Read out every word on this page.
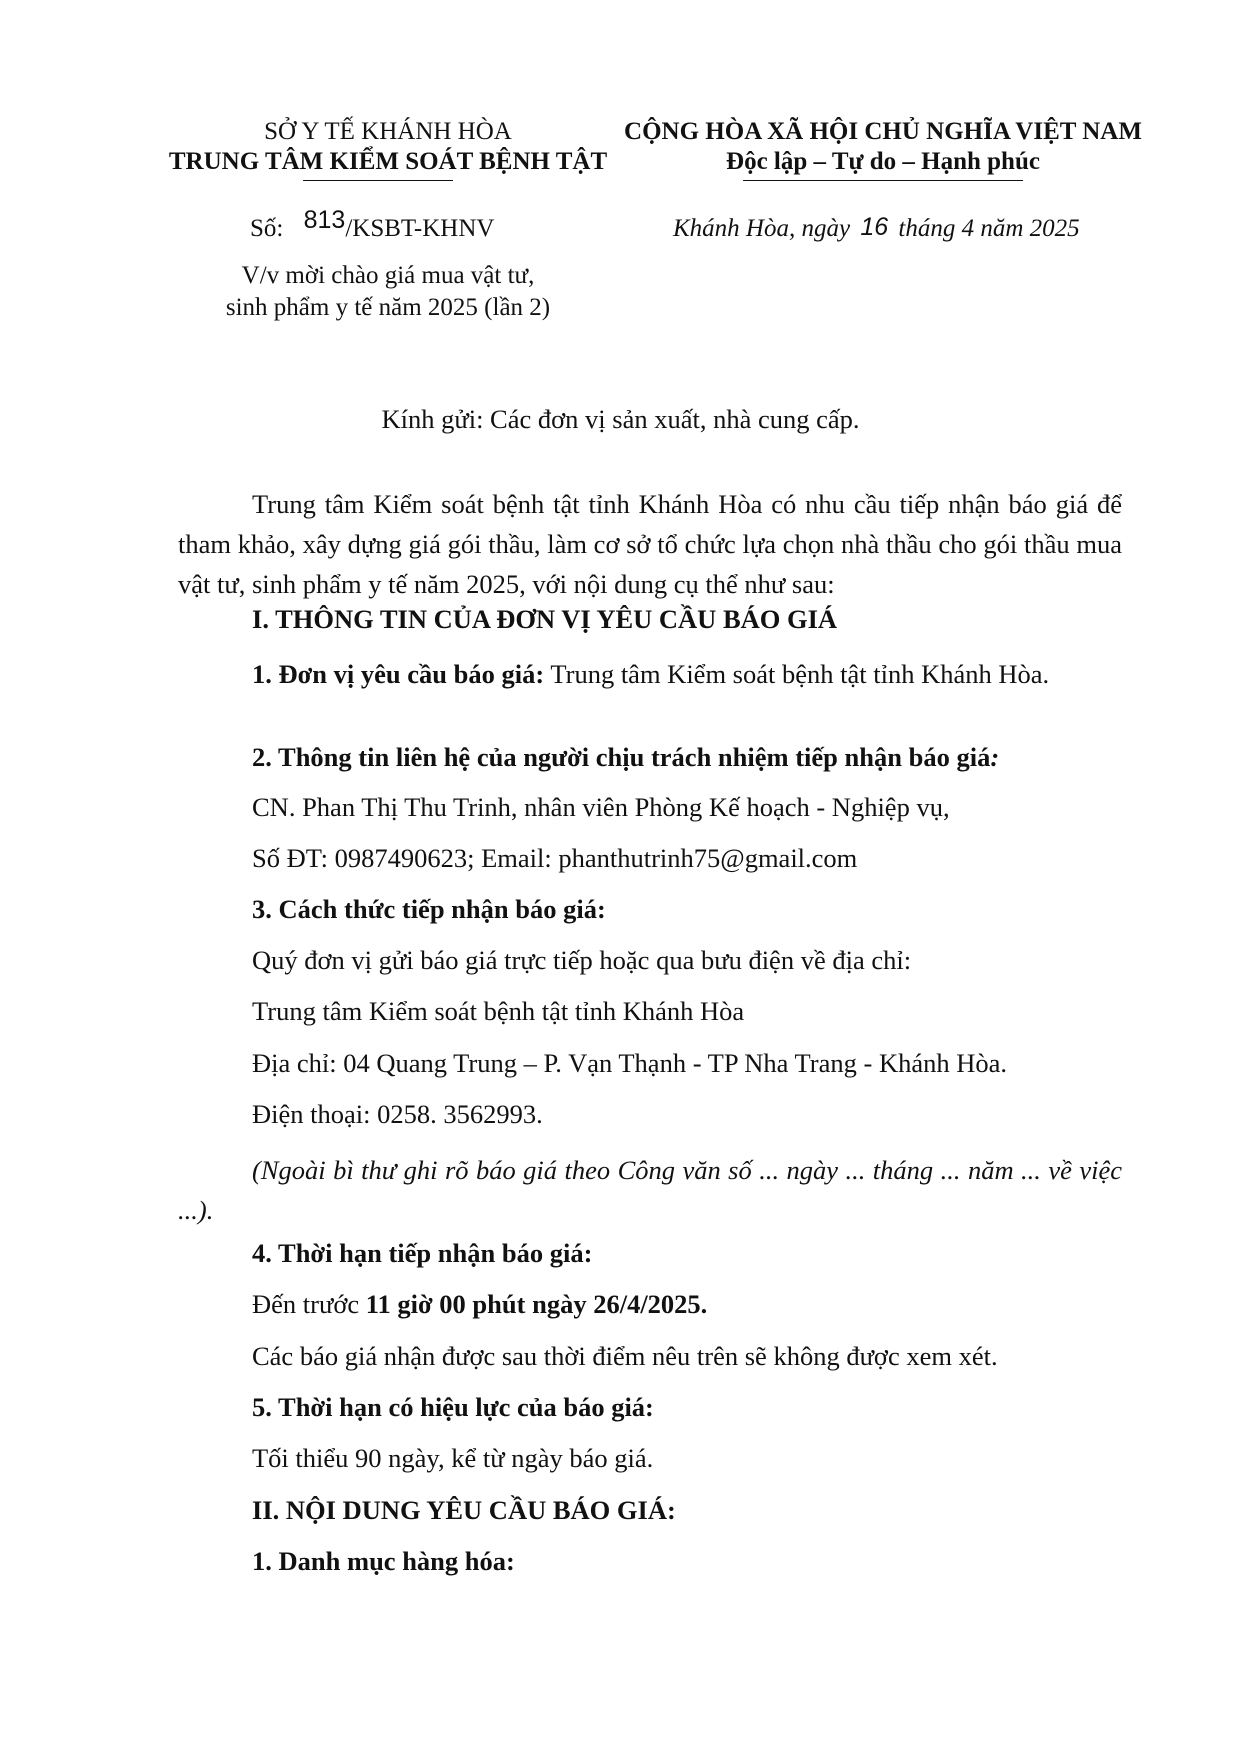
SỞ Y TẾ KHÁNH HÒA
TRUNG TÂM KIỂM SOÁT BỆNH TẬT
Số: 813/KSBT-KHNV
V/v mời chào giá mua vật tư,
sinh phẩm y tế năm 2025 (lần 2)
CỘNG HÒA XÃ HỘI CHỦ NGHĨA VIỆT NAM
Độc lập – Tự do – Hạnh phúc
Khánh Hòa, ngày 16 tháng 4 năm 2025
Kính gửi: Các đơn vị sản xuất, nhà cung cấp.
Trung tâm Kiểm soát bệnh tật tỉnh Khánh Hòa có nhu cầu tiếp nhận báo giá để tham khảo, xây dựng giá gói thầu, làm cơ sở tổ chức lựa chọn nhà thầu cho gói thầu mua vật tư, sinh phẩm y tế năm 2025, với nội dung cụ thể như sau:
I. THÔNG TIN CỦA ĐƠN VỊ YÊU CẦU BÁO GIÁ
1. Đơn vị yêu cầu báo giá: Trung tâm Kiểm soát bệnh tật tỉnh Khánh Hòa.
2. Thông tin liên hệ của người chịu trách nhiệm tiếp nhận báo giá:
CN. Phan Thị Thu Trinh, nhân viên Phòng Kế hoạch - Nghiệp vụ,
Số ĐT: 0987490623; Email: phanthutrinh75@gmail.com
3. Cách thức tiếp nhận báo giá:
Quý đơn vị gửi báo giá trực tiếp hoặc qua bưu điện về địa chỉ:
Trung tâm Kiểm soát bệnh tật tỉnh Khánh Hòa
Địa chỉ: 04 Quang Trung – P. Vạn Thạnh - TP Nha Trang - Khánh Hòa.
Điện thoại: 0258. 3562993.
(Ngoài bì thư ghi rõ báo giá theo Công văn số ... ngày ... tháng ... năm ... về việc ...).
4. Thời hạn tiếp nhận báo giá:
Đến trước 11 giờ 00 phút ngày 26/4/2025.
Các báo giá nhận được sau thời điểm nêu trên sẽ không được xem xét.
5. Thời hạn có hiệu lực của báo giá:
Tối thiểu 90 ngày, kể từ ngày báo giá.
II. NỘI DUNG YÊU CẦU BÁO GIÁ:
1. Danh mục hàng hóa:
